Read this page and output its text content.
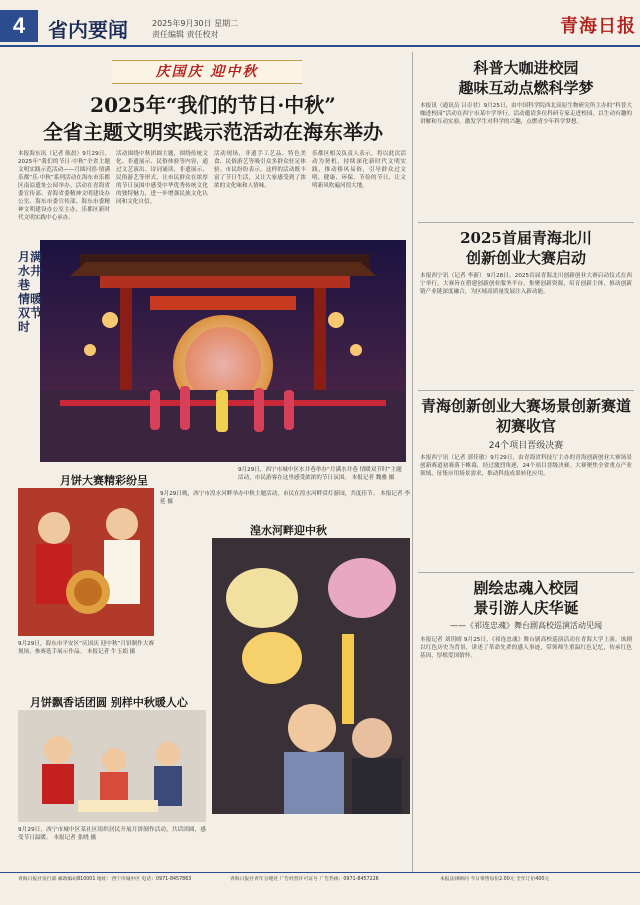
4	省内要闻	2025年9月30日 星期二
责任编辑 责任校对	青海日报
庆国庆 迎中秋
2025年“我们的节日·中秋”
全省主题文明实践示范活动在海东举办
本报海东讯（记者 陈晨）9月29日，2025年“我们的节日·中秋”全省主题文明实践示范活动——月圆河湟·情满乐都“乐·中秋”系列活动在海东市乐都区南凉遗址公园举办。活动在青海省委宣传部、青海省委精神文明建设办公室、海东市委宣传部、海东市委精神文明建设办公室主办，乐都区新时代文明实践中心承办。
活动围绕中秋团圆主题，围绕传统文化、非遗展示、民俗体验等内容，通过文艺演出、诗词诵读、非遗展示、民俗游艺等形式，让市民群众在浓厚的节日氛围中感受中华优秀传统文化的独特魅力，进一步增强民族文化认同和文化自信。
活动现场，非遗手工艺品、特色美食、民俗游艺等吸引众多群众驻足体验。市民纷纷表示，这样的活动既丰富了节日生活，又让大家感受到了浓浓的文化味和人情味。
乐都区相关负责人表示，将以此次活动为契机，持续深化新时代文明实践，推动移风易俗，引导群众过文明、健康、环保、节俭的节日，让文明新风吹遍河湟大地。
月满水井巷 情暖双节时
9月29日，西宁市城中区水井巷举办“月满水井巷 情暖双节时”主题活动，市民游客在这里感受浓浓的节日氛围。 本报记者 魏雅 摄
月饼大赛精彩纷呈
9月29日，海东市平安区“庆国庆 迎中秋”月饼制作大赛现场，参赛选手展示作品。 本报记者 牛玉娟 摄
湟水河畔迎中秋
9月29日晚，西宁市湟水河畔举办中秋主题活动，市民在湟水河畔赏灯游园，共度佳节。 本报记者 李延 摄
月饼飘香话团圆 别样中秋暖人心
9月29日，西宁市城中区某社区组织居民开展月饼制作活动，共话团圆，感受节日温暖。 本报记者 张晓 摄
科普大咖进校园
趣味互动点燃科学梦
本报讯（通讯员 吕卓君）9月25日，由中国科学院西北高原生物研究所主办的“科普大咖进校园”活动在西宁市某中学举行。活动邀请多位科研专家走进校园，以生动有趣的讲解和互动实验，激发学生对科学的兴趣，点燃青少年科学梦想。
2025首届青海北川
创新创业大赛启动
本报西宁讯（记者 李新） 9月28日，2025首届青海北川创新创业大赛启动仪式在西宁举行。大赛旨在搭建创新创业服务平台，集聚创新资源，培育创新主体，推动创新链产业链深度融合，为区域高质量发展注入新动能。
青海创新创业大赛场景创新赛道初赛收官
24个项目晋级决赛
本报西宁讯（记者 郭佳敏）9月29日，由青海省科技厅主办的青海创新创业大赛场景创新赛道初赛落下帷幕，经过激烈角逐，24个项目晋级决赛。大赛聚焦全省重点产业领域，征集应用场景需求，推动科技成果转化应用。
剧绘忠魂入校园
景引游人庆华诞
——《祁连忠魂》舞台剧高校巡演活动见闻
本报记者 刘玥晴 9月25日，《祁连忠魂》舞台剧高校巡演活动在青海大学上演。该剧以红色历史为背景，讲述了革命先辈的感人事迹，带领师生重温红色记忆，传承红色基因，厚植爱国情怀。
青海日报社发行部 邮政编码810001 地址：西宁市城中区 电话：0971-8457863	青海日报社青年分理处 广告经营许可证号 广告热线：0971-8457226	本报法律顾问 今日零售每份2.00元 全年订价400元
